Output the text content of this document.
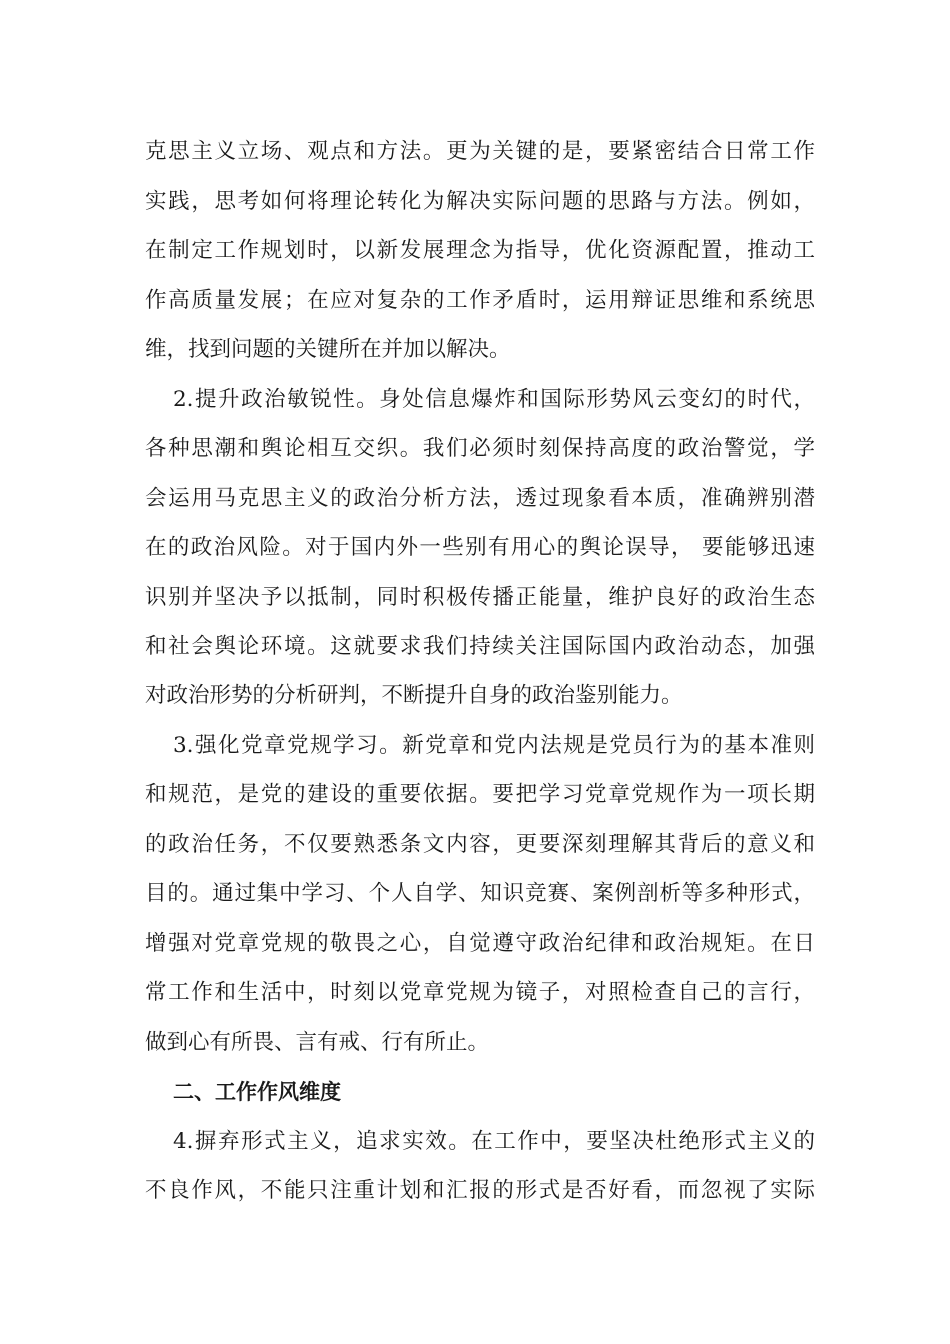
克思主义立场、观点和方法。更为关键的是，要紧密结合日常工作
实践，思考如何将理论转化为解决实际问题的思路与方法。例如，
在制定工作规划时，以新发展理念为指导，优化资源配置，推动工
作高质量发展；在应对复杂的工作矛盾时，运用辩证思维和系统思
维，找到问题的关键所在并加以解决。
2.提升政治敏锐性。身处信息爆炸和国际形势风云变幻的时代，
各种思潮和舆论相互交织。我们必须时刻保持高度的政治警觉，学
会运用马克思主义的政治分析方法，透过现象看本质，准确辨别潜
在的政治风险。对于国内外一些别有用心的舆论误导， 要能够迅速
识别并坚决予以抵制，同时积极传播正能量，维护良好的政治生态
和社会舆论环境。这就要求我们持续关注国际国内政治动态，加强
对政治形势的分析研判，不断提升自身的政治鉴别能力。
3.强化党章党规学习。新党章和党内法规是党员行为的基本准则
和规范，是党的建设的重要依据。要把学习党章党规作为一项长期
的政治任务，不仅要熟悉条文内容，更要深刻理解其背后的意义和
目的。通过集中学习、个人自学、知识竞赛、案例剖析等多种形式，
增强对党章党规的敬畏之心，自觉遵守政治纪律和政治规矩。在日
常工作和生活中，时刻以党章党规为镜子，对照检查自己的言行，
做到心有所畏、言有戒、行有所止。
二、工作作风维度
4.摒弃形式主义，追求实效。在工作中，要坚决杜绝形式主义的
不良作风，不能只注重计划和汇报的形式是否好看，而忽视了实际
